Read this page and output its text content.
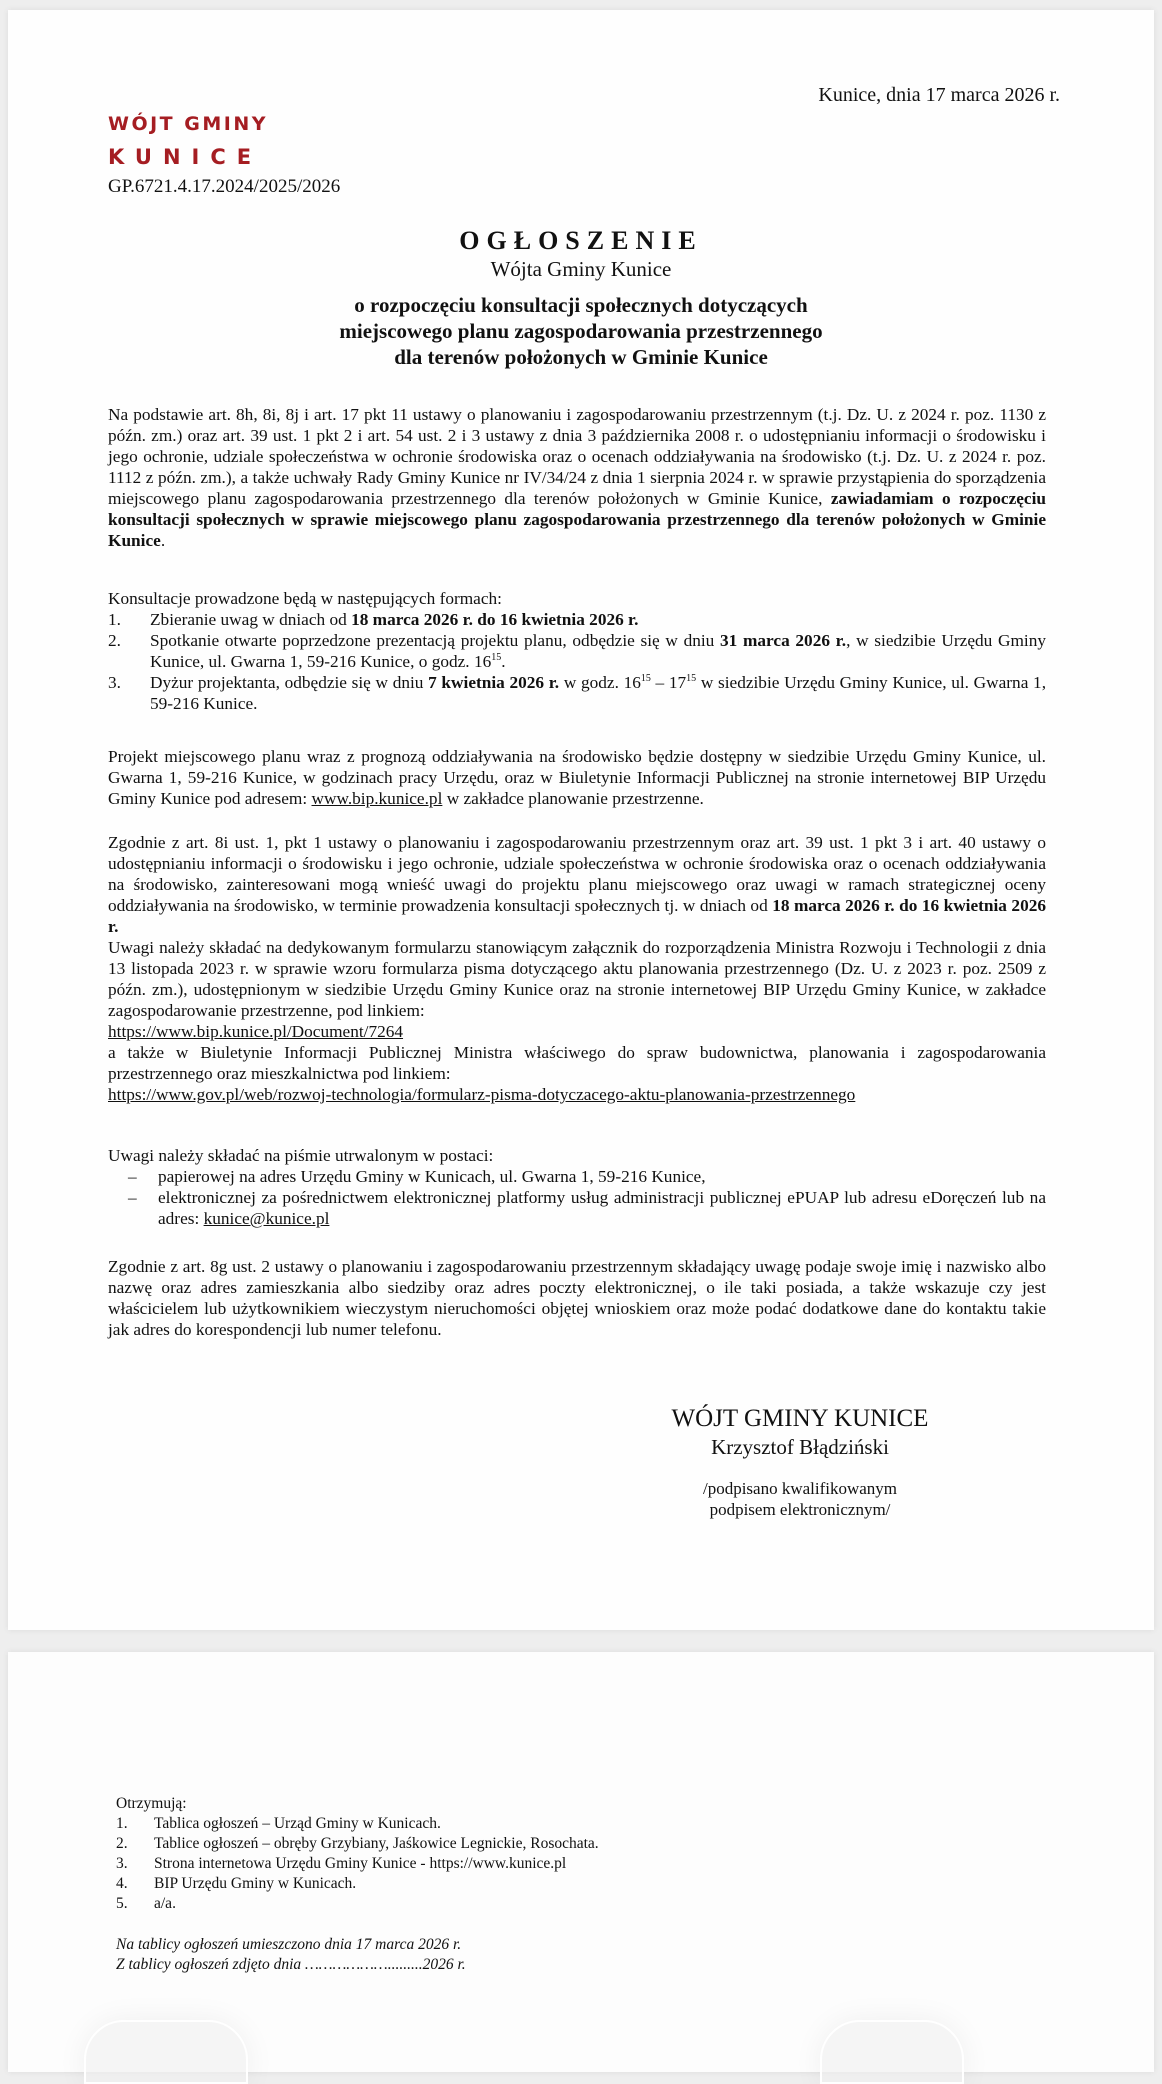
WÓJT GMINY
KUNICE
GP.6721.4.17.2024/2025/2026
Kunice, dnia 17 marca 2026 r.
OGŁOSZENIE
Wójta Gminy Kunice
o rozpoczęciu konsultacji społecznych dotyczących
miejscowego planu zagospodarowania przestrzennego
dla terenów położonych w Gminie Kunice

Na podstawie art. 8h, 8i, 8j i art. 17 pkt 11 ustawy o planowaniu i zagospodarowaniu przestrzennym (t.j. Dz. U. z 2024 r. poz. 1130 z późn. zm.) oraz art. 39 ust. 1 pkt 2 i art. 54 ust. 2 i 3 ustawy z dnia 3 października 2008 r. o udostępnianiu informacji o środowisku i jego ochronie, udziale społeczeństwa w ochronie środowiska oraz o ocenach oddziaływania na środowisko (t.j. Dz. U. z 2024 r. poz. 1112 z późn. zm.), a także uchwały Rady Gminy Kunice nr IV/34/24 z dnia 1 sierpnia 2024 r. w sprawie przystąpienia do sporządzenia miejscowego planu zagospodarowania przestrzennego dla terenów położonych w Gminie Kunice, zawiadamiam o rozpoczęciu konsultacji społecznych w sprawie miejscowego planu zagospodarowania przestrzennego dla terenów położonych w Gminie Kunice.

Konsultacje prowadzone będą w następujących formach:

1.	Zbieranie uwag w dniach od 18 marca 2026 r. do 16 kwietnia 2026 r.
2.	Spotkanie otwarte poprzedzone prezentacją projektu planu, odbędzie się w dniu 31 marca 2026 r., w siedzibie Urzędu Gminy Kunice, ul. Gwarna 1, 59-216 Kunice, o godz. $16^{15}$.
3.	Dyżur projektanta, odbędzie się w dniu 7 kwietnia 2026 r. w godz. $16^{15} - 17^{15}$ w siedzibie Urzędu Gminy Kunice, ul. Gwarna 1, 59-216 Kunice.

Projekt miejscowego planu wraz z prognozą oddziaływania na środowisko będzie dostępny w siedzibie Urzędu Gminy Kunice, ul. Gwarna 1, 59-216 Kunice, w godzinach pracy Urzędu, oraz w Biuletynie Informacji Publicznej na stronie internetowej BIP Urzędu Gminy Kunice pod adresem: www.bip.kunice.pl w zakładce planowanie przestrzenne.

Zgodnie z art. 8i ust. 1, pkt 1 ustawy o planowaniu i zagospodarowaniu przestrzennym oraz art. 39 ust. 1 pkt 3 i art. 40 ustawy o udostępnianiu informacji o środowisku i jego ochronie, udziale społeczeństwa w ochronie środowiska oraz o ocenach oddziaływania na środowisko, zainteresowani mogą wnieść uwagi do projektu planu miejscowego oraz uwagi w ramach strategicznej oceny oddziaływania na środowisko, w terminie prowadzenia konsultacji społecznych tj. w dniach od 18 marca 2026 r. do 16 kwietnia 2026 r.

Uwagi należy składać na dedykowanym formularzu stanowiącym załącznik do rozporządzenia Ministra Rozwoju i Technologii z dnia 13 listopada 2023 r. w sprawie wzoru formularza pisma dotyczącego aktu planowania przestrzennego (Dz. U. z 2023 r. poz. 2509 z późn. zm.), udostępnionym w siedzibie Urzędu Gminy Kunice oraz na stronie internetowej BIP Urzędu Gminy Kunice, w zakładce zagospodarowanie przestrzenne, pod linkiem:

https://www.bip.kunice.pl/Document/7264

a także w Biuletynie Informacji Publicznej Ministra właściwego do spraw budownictwa, planowania i zagospodarowania przestrzennego oraz mieszkalnictwa pod linkiem:

https://www.gov.pl/web/rozwoj-technologia/formularz-pisma-dotyczacego-aktu-planowania-przestrzennego

Uwagi należy składać na piśmie utrwalonym w postaci:

–	papierowej na adres Urzędu Gminy w Kunicach, ul. Gwarna 1, 59-216 Kunice,
–	elektronicznej za pośrednictwem elektronicznej platformy usług administracji publicznej ePUAP lub adresu eDoręczeń lub na adres: kunice@kunice.pl
Zgodnie z art. 8g ust. 2 ustawy o planowaniu i zagospodarowaniu przestrzennym składający uwagę podaje swoje imię i nazwisko albo nazwę oraz adres zamieszkania albo siedziby oraz adres poczty elektronicznej, o ile taki posiada, a także wskazuje czy jest właścicielem lub użytkownikiem wieczystym nieruchomości objętej wnioskiem oraz może podać dodatkowe dane do kontaktu takie jak adres do korespondencji lub numer telefonu.
WÓJT GMINY KUNICE
Krzysztof Błądziński
/podpisano kwalifikowanym
podpisem elektronicznym/
Otrzymują:
1.	Tablica ogłoszeń – Urząd Gminy w Kunicach.
2.	Tablice ogłoszeń – obręby Grzybiany, Jaśkowice Legnickie, Rosochata.
3.	Strona internetowa Urzędu Gminy Kunice - https://www.kunice.pl
4.	BIP Urzędu Gminy w Kunicach.
5.	a/a.
Na tablicy ogłoszeń umieszczono dnia 17 marca 2026 r.
Z tablicy ogłoszeń zdjęto dnia ……………….........2026 r.
